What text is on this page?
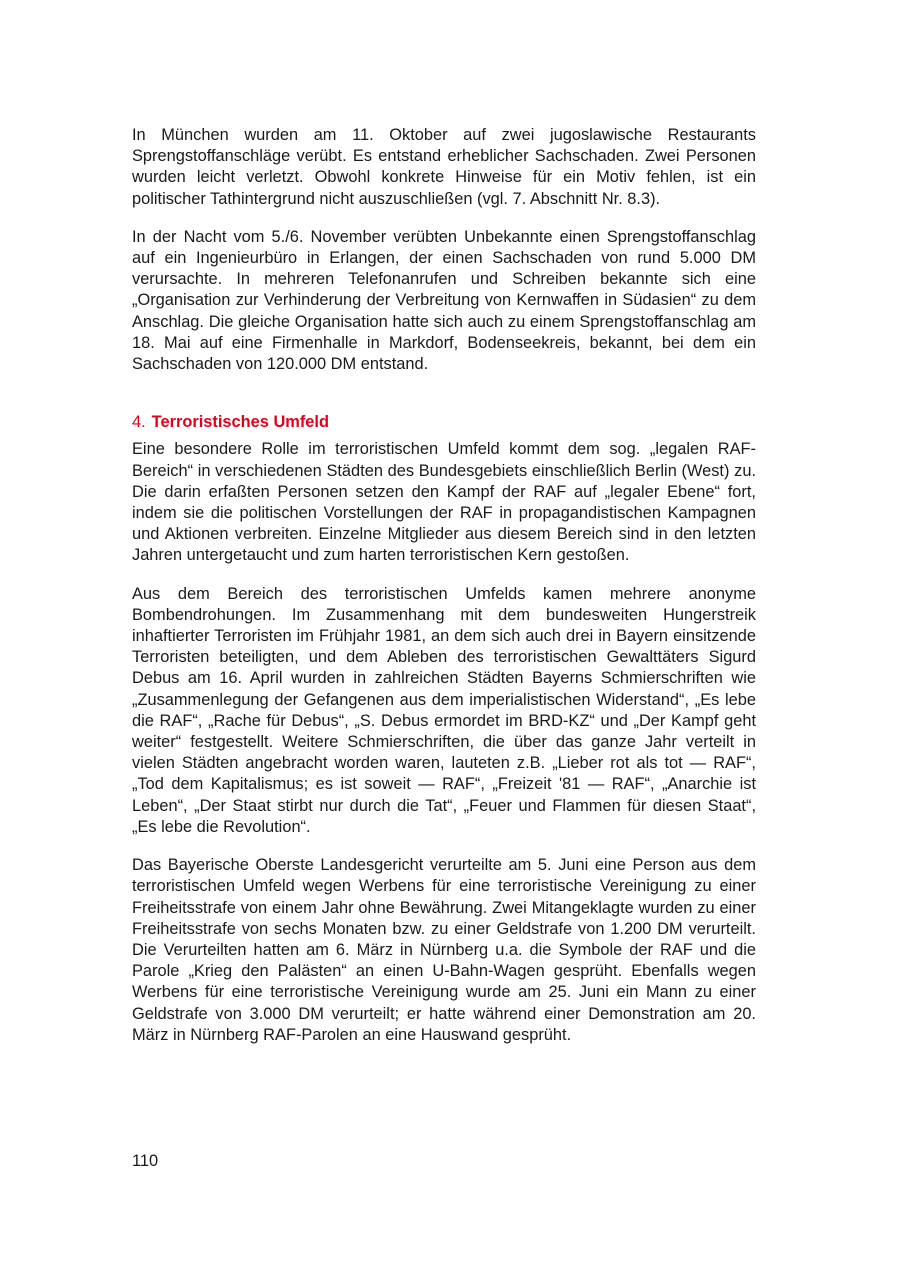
In München wurden am 11. Oktober auf zwei jugoslawische Restaurants Sprengstoffanschläge verübt. Es entstand erheblicher Sachschaden. Zwei Personen wurden leicht verletzt. Obwohl konkrete Hinweise für ein Motiv fehlen, ist ein politischer Tathintergrund nicht auszuschließen (vgl. 7. Abschnitt Nr. 8.3).

In der Nacht vom 5./6. November verübten Unbekannte einen Sprengstoffanschlag auf ein Ingenieurbüro in Erlangen, der einen Sachschaden von rund 5.000 DM verursachte. In mehreren Telefonanrufen und Schreiben bekannte sich eine „Organisation zur Verhinderung der Verbreitung von Kernwaffen in Südasien“ zu dem Anschlag. Die gleiche Organisation hatte sich auch zu einem Sprengstoffanschlag am 18. Mai auf eine Firmenhalle in Markdorf, Bodenseekreis, bekannt, bei dem ein Sachschaden von 120.000 DM entstand.

4. Terroristisches Umfeld

Eine besondere Rolle im terroristischen Umfeld kommt dem sog. „legalen RAF-Bereich“ in verschiedenen Städten des Bundesgebiets einschließlich Berlin (West) zu. Die darin erfaßten Personen setzen den Kampf der RAF auf „legaler Ebene“ fort, indem sie die politischen Vorstellungen der RAF in propagandistischen Kampagnen und Aktionen verbreiten. Einzelne Mitglieder aus diesem Bereich sind in den letzten Jahren untergetaucht und zum harten terroristischen Kern gestoßen.

Aus dem Bereich des terroristischen Umfelds kamen mehrere anonyme Bombendrohungen. Im Zusammenhang mit dem bundesweiten Hungerstreik inhaftierter Terroristen im Frühjahr 1981, an dem sich auch drei in Bayern einsitzende Terroristen beteiligten, und dem Ableben des terroristischen Gewalttäters Sigurd Debus am 16. April wurden in zahlreichen Städten Bayerns Schmierschriften wie „Zusammenlegung der Gefangenen aus dem imperialistischen Widerstand“, „Es lebe die RAF“, „Rache für Debus“, „S. Debus ermordet im BRD-KZ“ und „Der Kampf geht weiter“ festgestellt. Weitere Schmierschriften, die über das ganze Jahr verteilt in vielen Städten angebracht worden waren, lauteten z.B. „Lieber rot als tot — RAF“, „Tod dem Kapitalismus; es ist soweit — RAF“, „Freizeit '81 — RAF“, „Anarchie ist Leben“, „Der Staat stirbt nur durch die Tat“, „Feuer und Flammen für diesen Staat“, „Es lebe die Revolution“.

Das Bayerische Oberste Landesgericht verurteilte am 5. Juni eine Person aus dem terroristischen Umfeld wegen Werbens für eine terroristische Vereinigung zu einer Freiheitsstrafe von einem Jahr ohne Bewährung. Zwei Mitangeklagte wurden zu einer Freiheitsstrafe von sechs Monaten bzw. zu einer Geldstrafe von 1.200 DM verurteilt. Die Verurteilten hatten am 6. März in Nürnberg u.a. die Symbole der RAF und die Parole „Krieg den Palästen“ an einen U-Bahn-Wagen gesprüht. Ebenfalls wegen Werbens für eine terroristische Vereinigung wurde am 25. Juni ein Mann zu einer Geldstrafe von 3.000 DM verurteilt; er hatte während einer Demonstration am 20. März in Nürnberg RAF-Parolen an eine Hauswand gesprüht.

110
